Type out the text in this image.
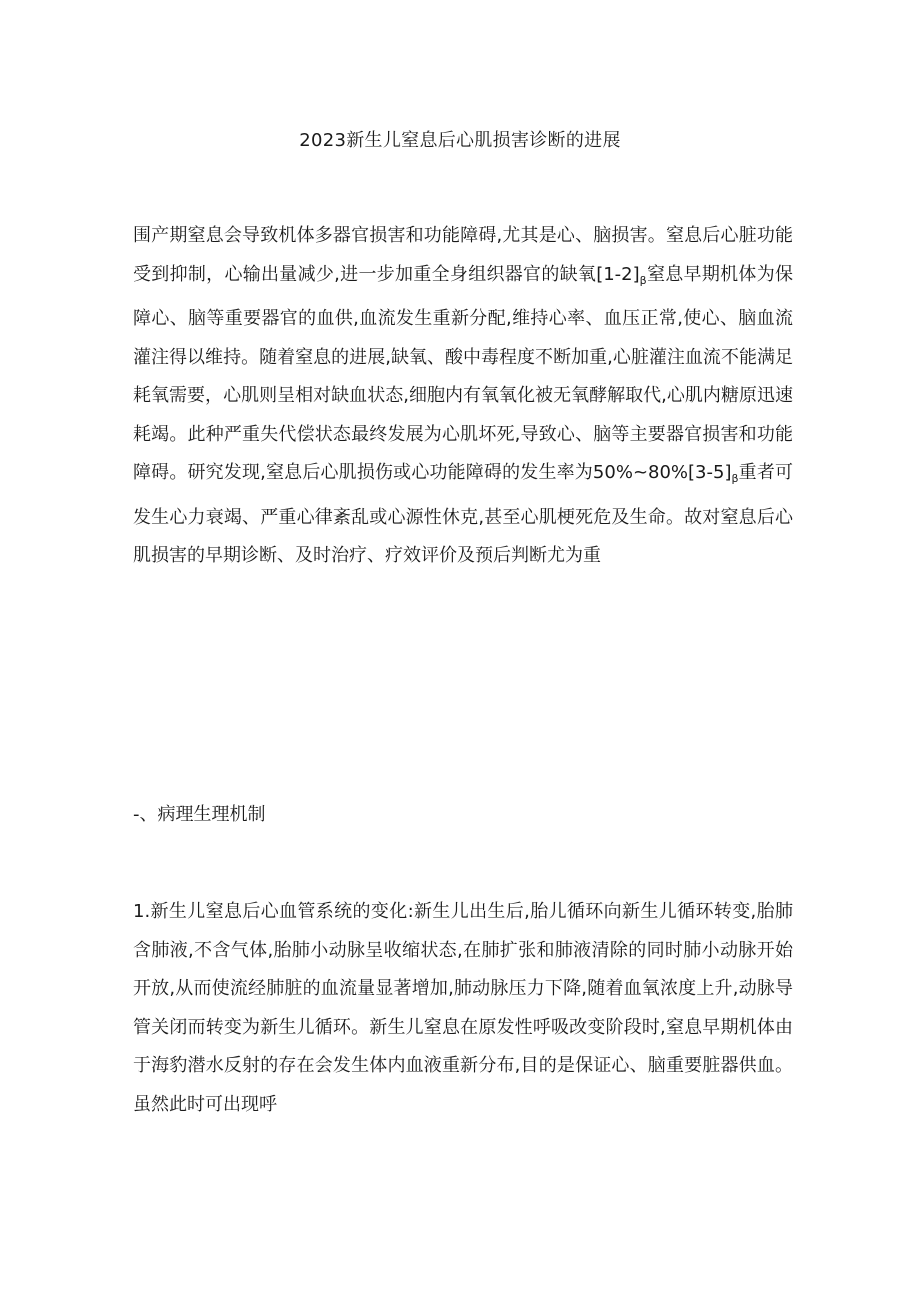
2023新生儿窒息后心肌损害诊断的进展

围产期窒息会导致机体多器官损害和功能障碍,尤其是心、脑损害。窒息后心脏功能受到抑制，心输出量减少,进一步加重全身组织器官的缺氧$[1-2]_\beta$窒息早期机体为保障心、脑等重要器官的血供,血流发生重新分配,维持心率、血压正常,使心、脑血流灌注得以维持。随着窒息的进展,缺氧、酸中毒程度不断加重,心脏灌注血流不能满足耗氧需要，心肌则呈相对缺血状态,细胞内有氧氧化被无氧酵解取代,心肌内糖原迅速耗竭。此种严重失代偿状态最终发展为心肌坏死,导致心、脑等主要器官损害和功能障碍。研究发现,窒息后心肌损伤或心功能障碍的发生率为$50\%\sim 80\%[3-5]_\beta$重者可发生心力衰竭、严重心律紊乱或心源性休克,甚至心肌梗死危及生命。故对窒息后心肌损害的早期诊断、及时治疗、疗效评价及预后判断尤为重

-、病理生理机制

1.新生儿窒息后心血管系统的变化:新生儿出生后,胎儿循环向新生儿循环转变,胎肺含肺液,不含气体,胎肺小动脉呈收缩状态,在肺扩张和肺液清除的同时肺小动脉开始开放,从而使流经肺脏的血流量显著增加,肺动脉压力下降,随着血氧浓度上升,动脉导管关闭而转变为新生儿循环。新生儿窒息在原发性呼吸改变阶段时,窒息早期机体由于海豹潜水反射的存在会发生体内血液重新分布,目的是保证心、脑重要脏器供血。虽然此时可出现呼
